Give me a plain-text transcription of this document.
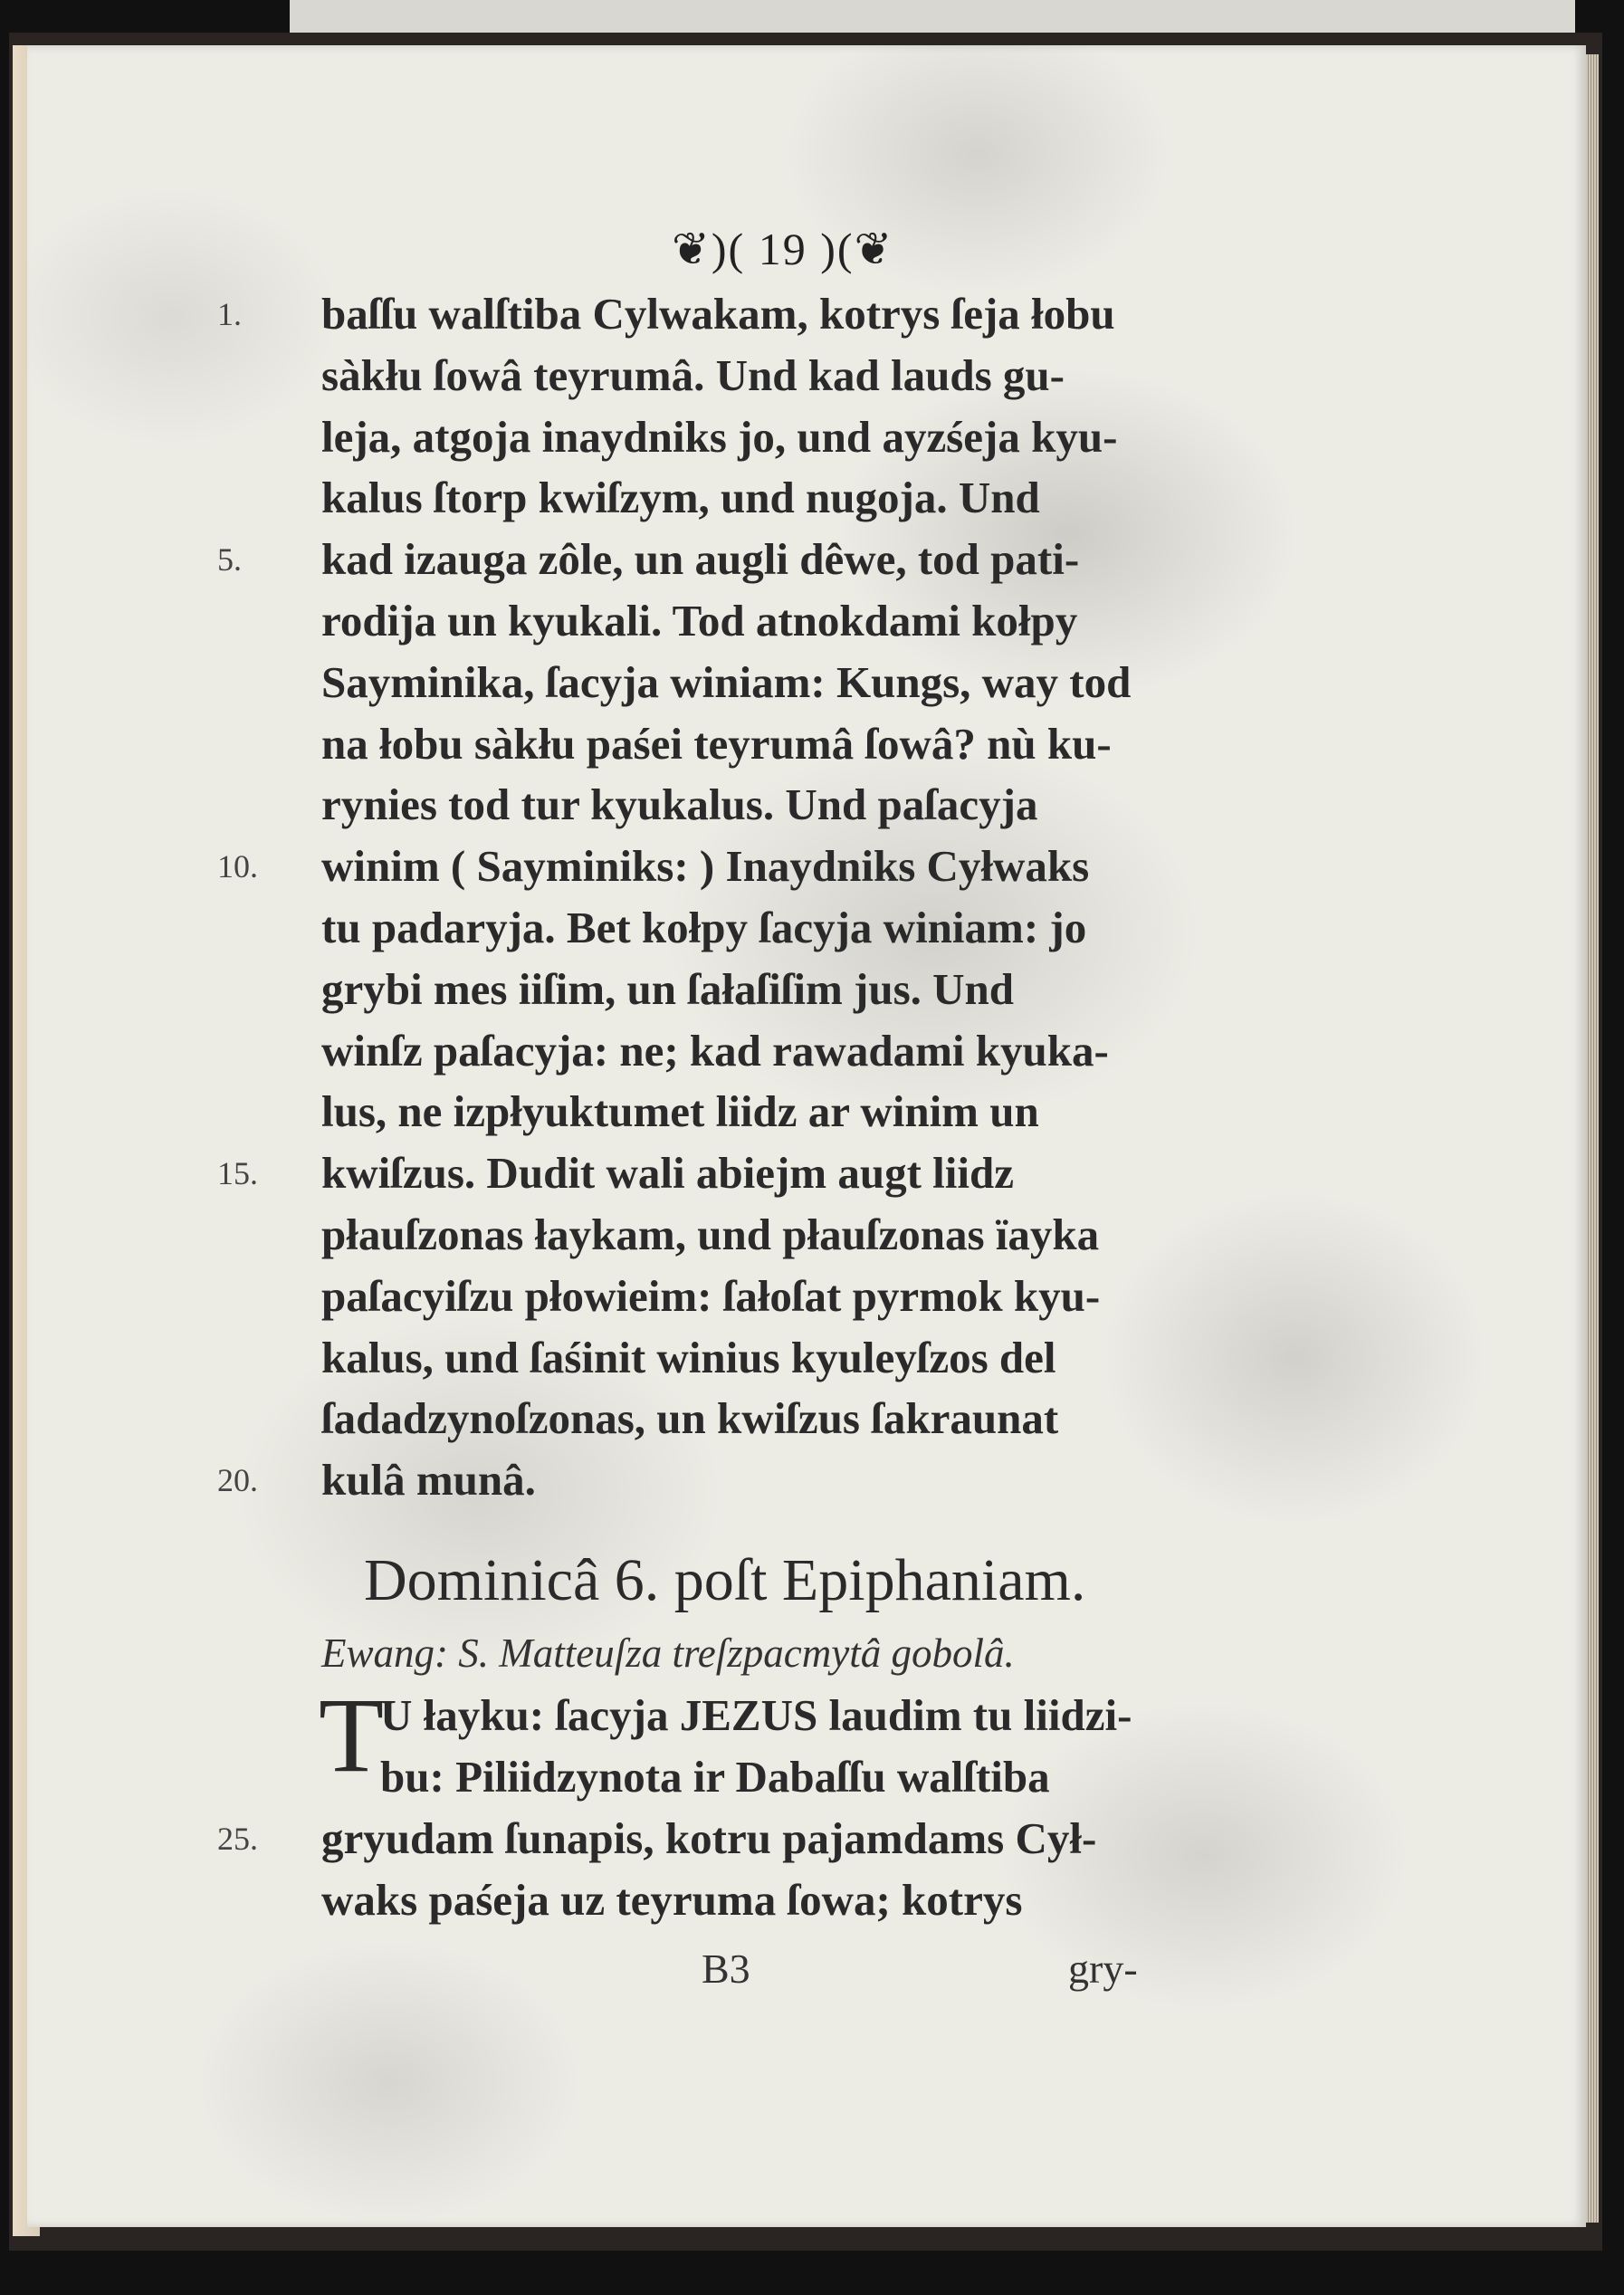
❦)( 19 )(❦
1.	baſſu walſtiba Cylwakam, kotrys ſeja łobu
sàkłu ſowâ teyrumâ. Und kad lauds gu-
leja, atgoja inaydniks jo, und ayzśeja kyu-
kalus ſtorp kwiſzym, und nugoja. Und
5.	kad izauga zôle, un augli dêwe, tod pati-
rodija un kyukali. Tod atnokdami kołpy
Sayminika, ſacyja winiam: Kungs, way tod
na łobu sàkłu paśei teyrumâ ſowâ? nù ku-
rynies tod tur kyukalus. Und paſacyja
10.	winim ( Sayminiks: ) Inaydniks Cyłwaks
tu padaryja. Bet kołpy ſacyja winiam: jo
grybi mes iiſim, un ſałaſiſim jus. Und
winſz paſacyja: ne; kad rawadami kyuka-
lus, ne izpłyuktumet liidz ar winim un
15.	kwiſzus. Dudit wali abiejm augt liidz
płauſzonas łaykam, und płauſzonas ïayka
paſacyiſzu płowieim: ſałoſat pyrmok kyu-
kalus, und ſaśinit winius kyuleyſzos del
ſadadzynoſzonas, un kwiſzus ſakraunat
20.	kulâ munâ.
Dominicâ 6. poſt Epiphaniam.
Ewang: S. Matteuſza treſzpacmytâ gobolâ.
T
U łayku: ſacyja JEZUS laudim tu liidzi-
bu: Piliidzynota ir Dabaſſu walſtiba
25.	gryudam ſunapis, kotru pajamdams Cył-
waks paśeja uz teyruma ſowa; kotrys
B3	gry-
